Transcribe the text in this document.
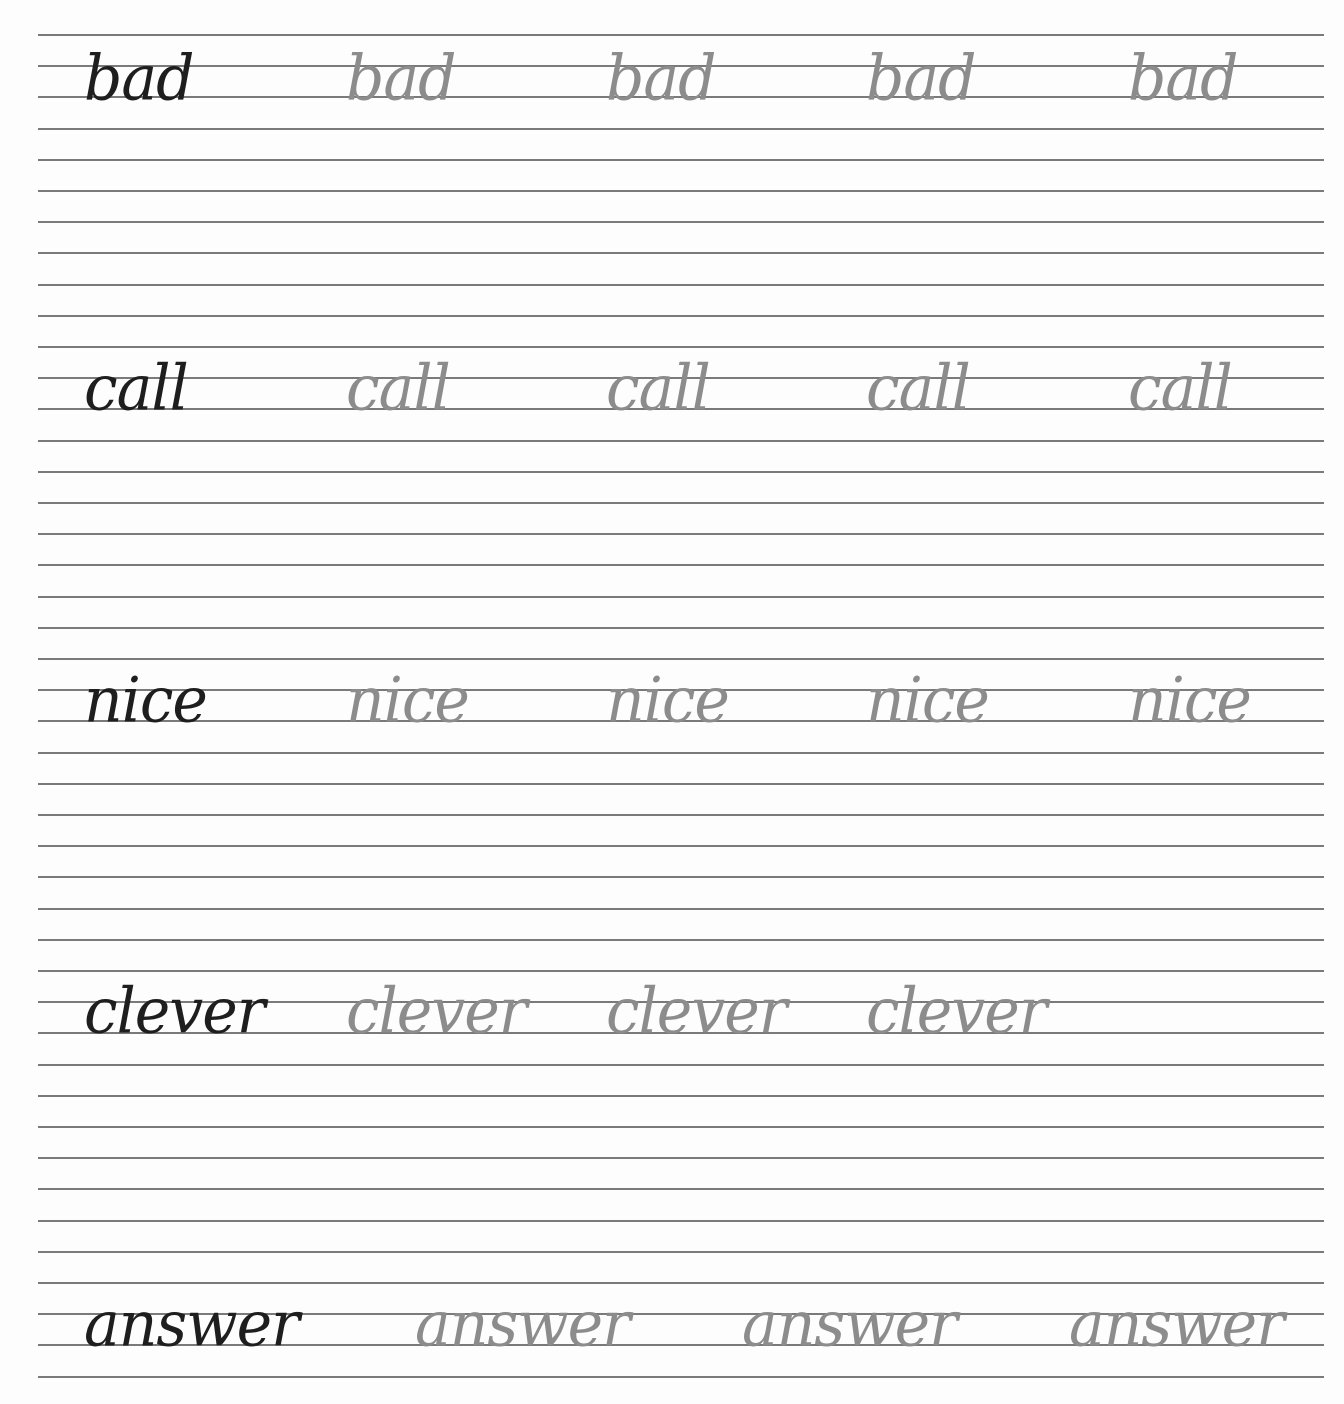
bad	bad	bad	bad	bad
call	call	call	call	call
nice nice nice nice nice
clever clever clever clever
answer answer answer answer
